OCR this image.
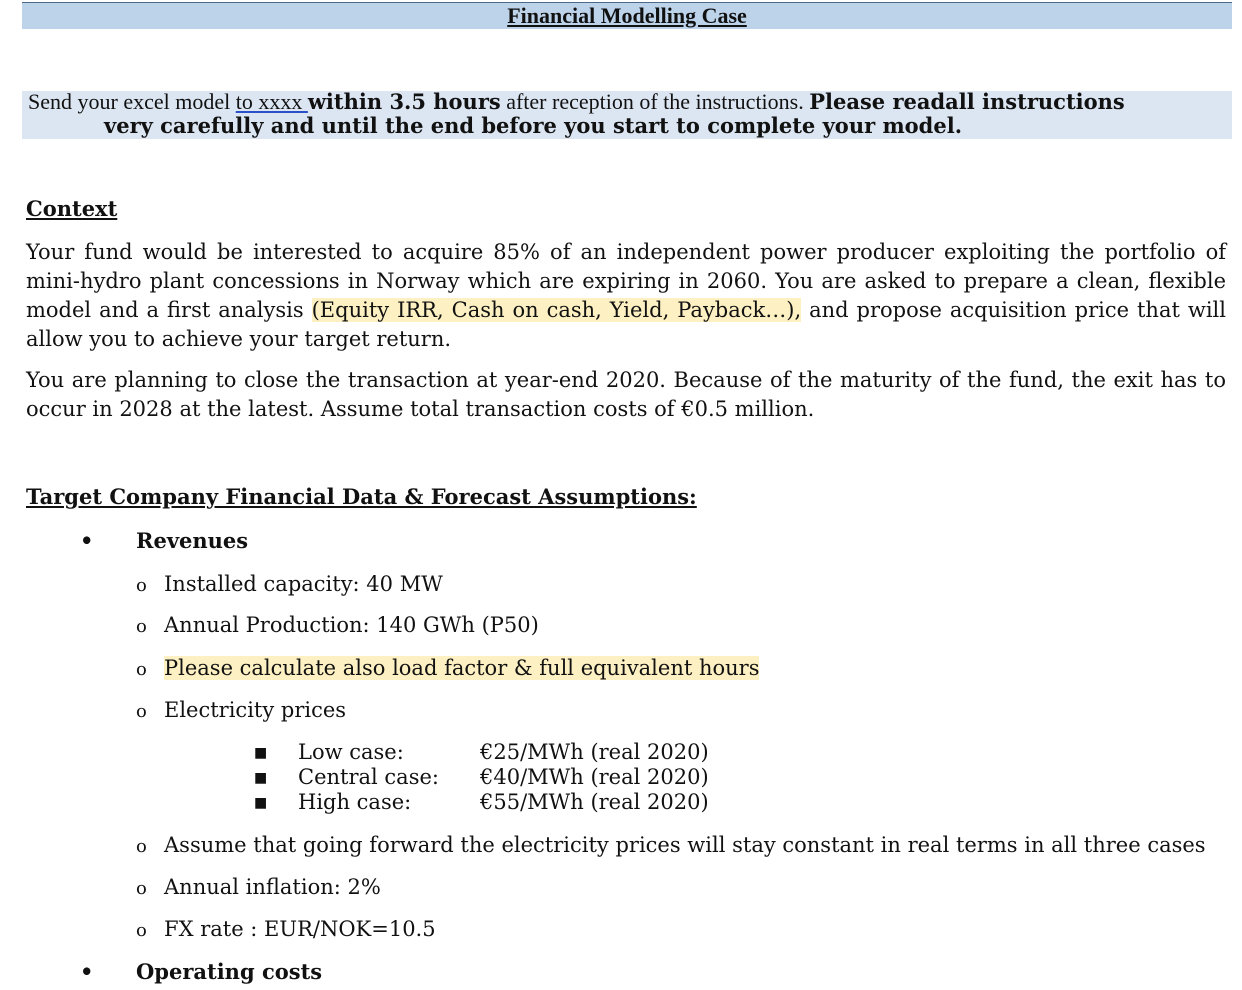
Financial Modelling Case
Send your excel model to xxxx within 3.5 hours after reception of the instructions. Please readall instructions
very carefully and until the end before you start to complete your model.
Context
Your fund would be interested to acquire 85% of an independent power producer exploiting the portfolio of mini-hydro plant concessions in Norway which are expiring in 2060. You are asked to prepare a clean, flexible model and a first analysis (Equity IRR, Cash on cash, Yield, Payback…), and propose acquisition price that will allow you to achieve your target return.
You are planning to close the transaction at year-end 2020. Because of the maturity of the fund, the exit has to occur in 2028 at the latest. Assume total transaction costs of €0.5 million.
Target Company Financial Data & Forecast Assumptions:
• Revenues
o Installed capacity: 40 MW
o Annual Production: 140 GWh (P50)
o Please calculate also load factor & full equivalent hours
o Electricity prices
■ Low case:	€25/MWh (real 2020)
■ Central case: €40/MWh (real 2020)
■ High case:	€55/MWh (real 2020)
o Assume that going forward the electricity prices will stay constant in real terms in all three cases
o Annual inflation: 2%
o FX rate : EUR/NOK=10.5
• Operating costs
